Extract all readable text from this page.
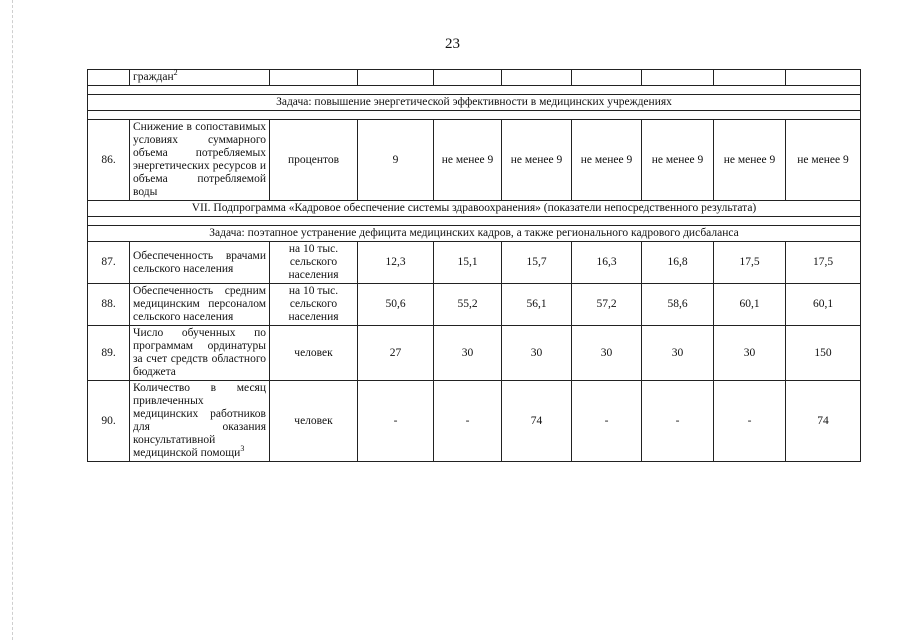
23
	граждан$^2$								

Задача: повышение энергетической эффективности в медицинских учреждениях									

86.	Снижение в сопоставимых условиях суммарного объема потребляемых энергетических ресурсов и объема потребляемой воды	процентов	9	не менее 9	не менее 9	не менее 9	не менее 9	не менее 9	не менее 9
VII. Подпрограмма «Кадровое обеспечение системы здравоохранения» (показатели непосредственного результата)									

Задача: поэтапное устранение дефицита медицинских кадров, а также регионального кадрового дисбаланса									
87.	Обеспеченность врачами сельского населения	на 10 тыс. сельского населения	12,3	15,1	15,7	16,3	16,8	17,5	17,5
88.	Обеспеченность средним медицинским персоналом сельского населения	на 10 тыс. сельского населения	50,6	55,2	56,1	57,2	58,6	60,1	60,1
89.	Число обученных по программам ординатуры за счет средств областного бюджета	человек	27	30	30	30	30	30	150
90.	Количество в месяц привлеченных медицинских работников для оказания консультативной медицинской помощи$^3$	человек	-	-	74	-	-	-	74
